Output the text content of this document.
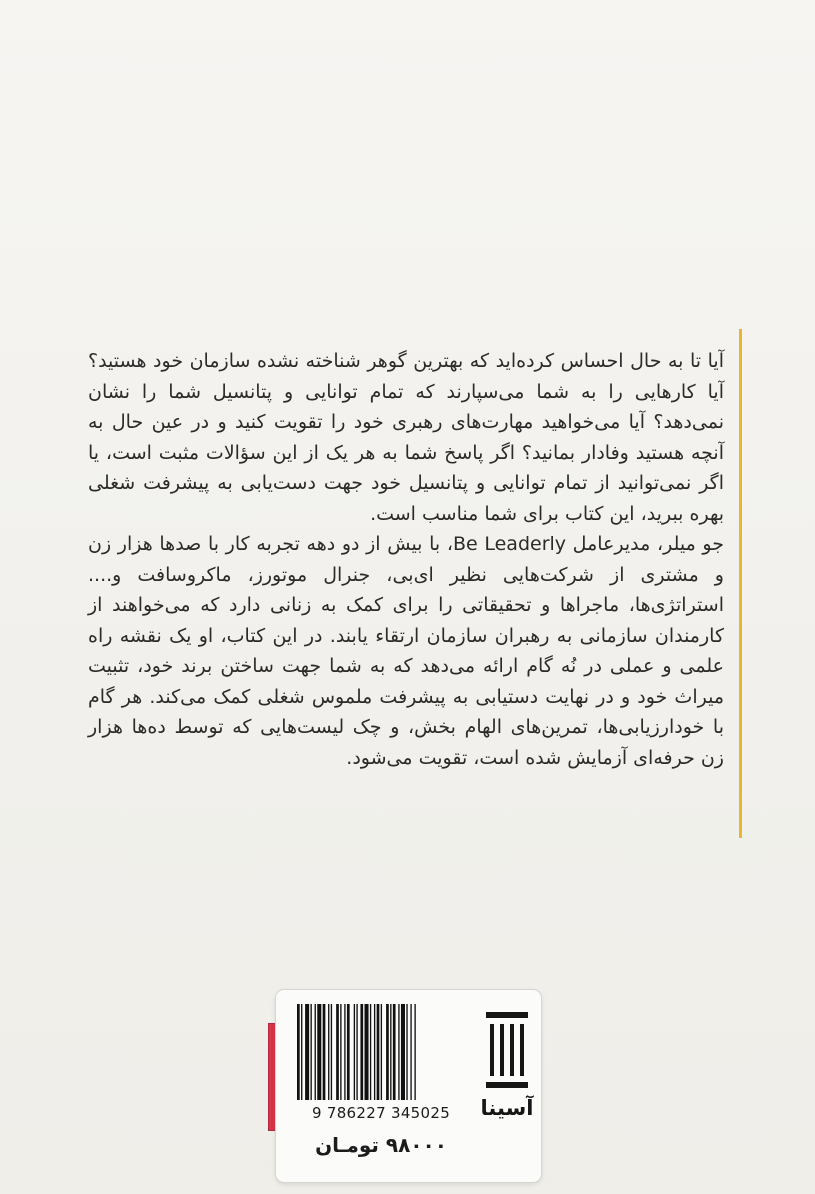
آیا تا به حال احساس کرده‌اید که بهترین گوهر شناخته نشده سازمان خود هستید؟ آیا کارهایی را به شما می‌سپارند که تمام توانایی و پتانسیل شما را نشان نمی‌دهد؟ آیا می‌خواهید مهارت‌های رهبری خود را تقویت کنید و در عین حال به آنچه هستید وفادار بمانید؟ اگر پاسخ شما به هر یک از این سؤالات مثبت است، یا اگر نمی‌توانید از تمام توانایی و پتانسیل خود جهت دست‌یابی به پیشرفت شغلی بهره ببرید، این کتاب برای شما مناسب است.

جو میلر، مدیرعامل Be Leaderly، با بیش از دو دهه تجربه کار با صدها هزار زن و مشتری از شرکت‌هایی نظیر ای‌بی، جنرال موتورز، ماکروسافت و.... استراتژی‌ها، ماجراها و تحقیقاتی را برای کمک به زنانی دارد که می‌خواهند از کارمندان سازمانی به رهبران سازمان ارتقاء یابند. در این کتاب، او یک نقشه راه علمی و عملی در نُه گام ارائه می‌دهد که به شما جهت ساختن برند خود، تثبیت میراث خود و در نهایت دستیابی به پیشرفت ملموس شغلی کمک می‌کند. هر گام با خودارزیابی‌ها، تمرین‌های الهام بخش، و چک لیست‌هایی که توسط ده‌ها هزار زن حرفه‌ای آزمایش شده است، تقویت می‌شود.

9 786227 345025
۹۸۰۰۰ تومـان
آسینا
